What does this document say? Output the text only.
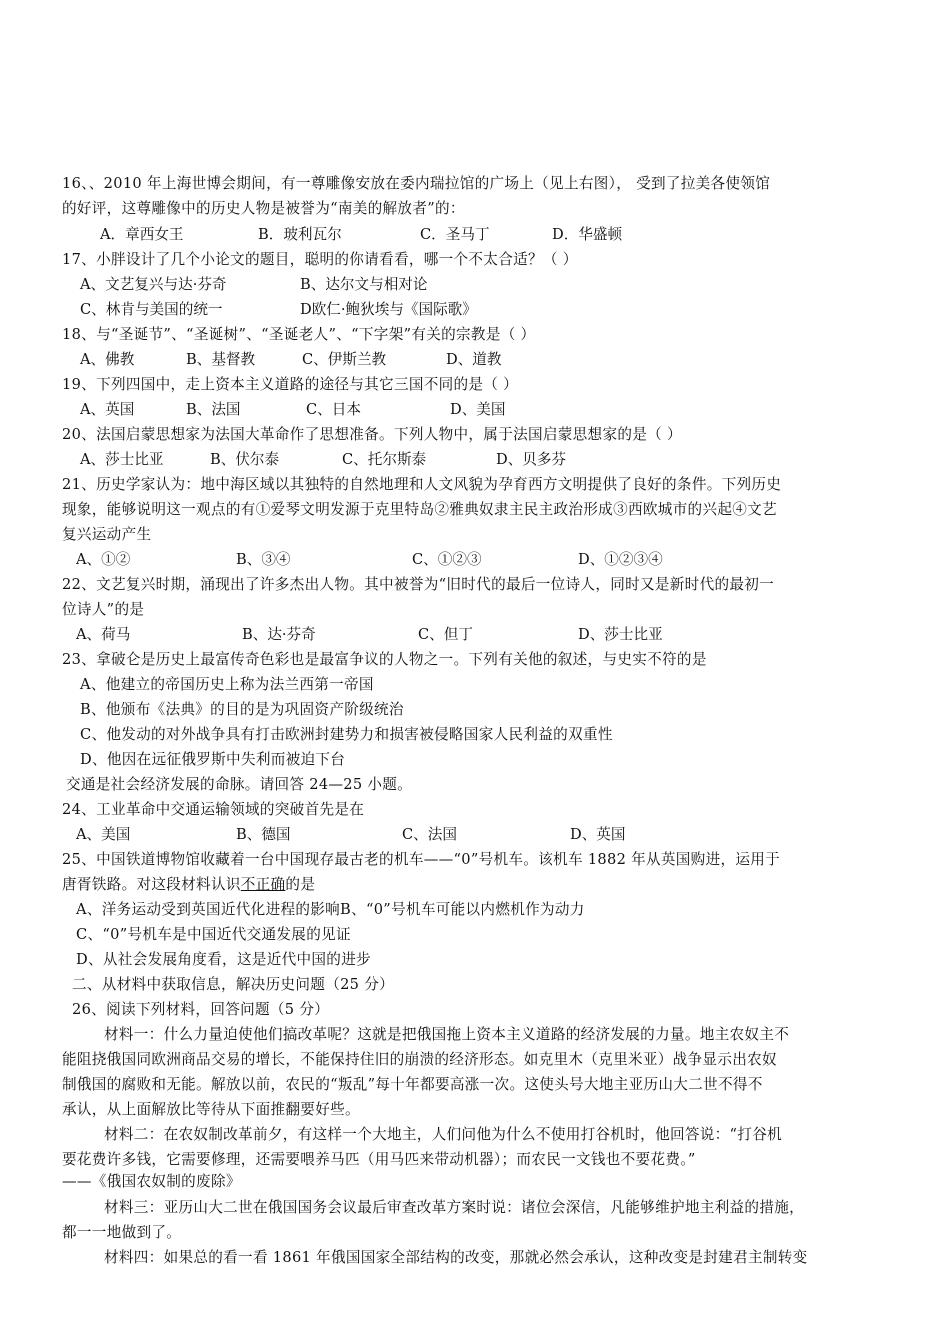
16、、2010 年上海世博会期间，有一尊雕像安放在委内瑞拉馆的广场上（见上右图）， 受到了拉美各使领馆
的好评，这尊雕像中的历史人物是被誉为“南美的解放者”的：
A．章西女王	B．玻利瓦尔	C．圣马丁	D．华盛顿
17、小胖设计了几个小论文的题目，聪明的你请看看，哪一个不太合适？（ ）
A、文艺复兴与达·芬奇	B、达尔文与相对论
C、林肯与美国的统一	D欧仁·鲍狄埃与《国际歌》
18、与“圣诞节”、“圣诞树”、“圣诞老人”、“下字架”有关的宗教是（ ）
A、佛教	B、基督教	C、伊斯兰教	D、道教
19、下列四国中，走上资本主义道路的途径与其它三国不同的是（ ）
A、英国	B、法国	C、日本	D、美国
20、法国启蒙思想家为法国大革命作了思想准备。下列人物中，属于法国启蒙思想家的是（ ）
A、莎士比亚	B、伏尔泰	C、托尔斯泰	D、贝多芬
21、历史学家认为：地中海区域以其独特的自然地理和人文风貌为孕育西方文明提供了良好的条件。下列历史
现象，能够说明这一观点的有①爱琴文明发源于克里特岛②雅典奴隶主民主政治形成③西欧城市的兴起④文艺
复兴运动产生
A、①②	B、③④	C、①②③	D、①②③④
22、文艺复兴时期，涌现出了许多杰出人物。其中被誉为“旧时代的最后一位诗人，同时又是新时代的最初一
位诗人”的是
A、荷马	B、达·芬奇	C、但丁	D、莎士比亚
23、拿破仑是历史上最富传奇色彩也是最富争议的人物之一。下列有关他的叙述，与史实不符的是
A、他建立的帝国历史上称为法兰西第一帝国
B、他颁布《法典》的目的是为巩固资产阶级统治
C、他发动的对外战争具有打击欧洲封建势力和损害被侵略国家人民利益的双重性
D、他因在远征俄罗斯中失利而被迫下台
交通是社会经济发展的命脉。请回答 24—25 小题。
24、工业革命中交通运输领域的突破首先是在
A、美国	B、德国	C、法国	D、英国
25、中国铁道博物馆收藏着一台中国现存最古老的机车——“0”号机车。该机车 1882 年从英国购进，运用于
唐胥铁路。对这段材料认识不正确的是
A、洋务运动受到英国近代化进程的影响B、“0”号机车可能以内燃机作为动力
C、“0”号机车是中国近代交通发展的见证
D、从社会发展角度看，这是近代中国的进步
二、从材料中获取信息，解决历史问题（25 分）
26、阅读下列材料，回答问题（5 分）
材料一：什么力量迫使他们搞改革呢？这就是把俄国拖上资本主义道路的经济发展的力量。地主农奴主不
能阻挠俄国同欧洲商品交易的增长，不能保持住旧的崩溃的经济形态。如克里木（克里米亚）战争显示出农奴
制俄国的腐败和无能。解放以前，农民的“叛乱”每十年都要高涨一次。这使头号大地主亚历山大二世不得不
承认，从上面解放比等待从下面推翻要好些。
材料二：在农奴制改革前夕，有这样一个大地主，人们问他为什么不使用打谷机时，他回答说：“打谷机
要花费许多钱，它需要修理，还需要喂养马匹（用马匹来带动机器）；而农民一文钱也不要花费。”
——《俄国农奴制的废除》
材料三：亚历山大二世在俄国国务会议最后审查改革方案时说：诸位会深信，凡能够维护地主利益的措施，
都一一地做到了。
材料四：如果总的看一看 1861 年俄国国家全部结构的改变，那就必然会承认，这种改变是封建君主制转变
